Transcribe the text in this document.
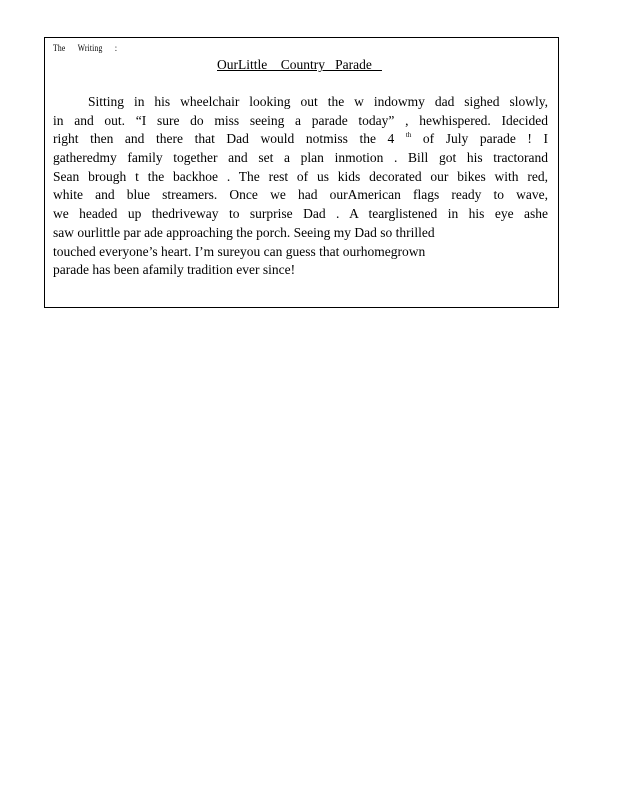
The      Writing      :
OurLittle    Country   Parade
Sitting in his wheelchair looking out the w indowmy dad sighed slowly,
in and out. “I sure do miss seeing a parade today” , hewhispered. Idecided
right then and there that Dad would notmiss the 4 $^{th}$ of July parade ! I
gatheredmy family together and set a plan inmotion . Bill got his tractorand
Sean brough t the backhoe . The rest of us kids decorated our bikes with red,
white and blue streamers. Once we had ourAmerican flags ready to wave,
we headed up thedriveway to surprise Dad . A tearglistened in his eye ashe
saw ourlittle par ade approaching the porch. Seeing my Dad so thrilled
touched everyone’s heart. I’m sureyou can guess that ourhomegrown
parade has been afamily tradition ever since!
